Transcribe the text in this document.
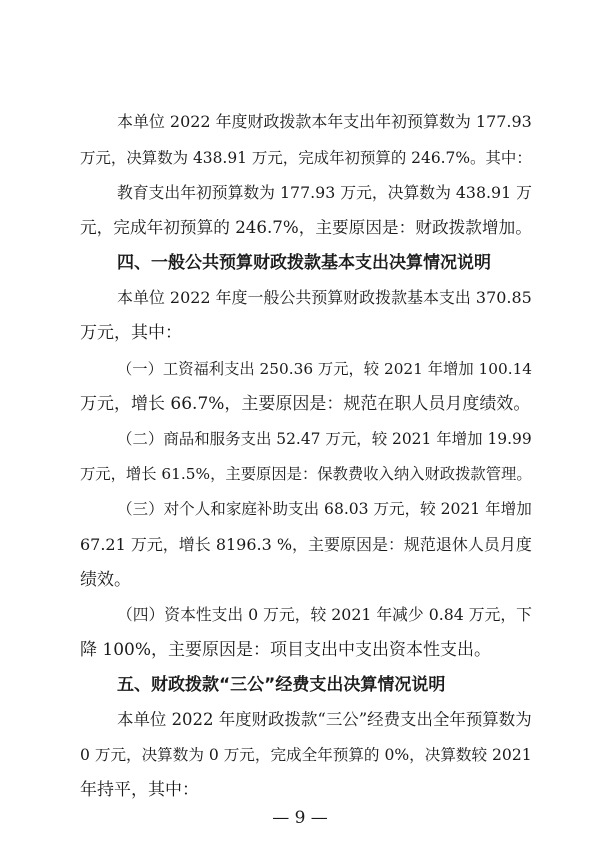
本单位 2022 年度财政拨款本年支出年初预算数为 177.93
万元，决算数为 438.91 万元，完成年初预算的 246.7%。其中：
教育支出年初预算数为 177.93 万元，决算数为 438.91 万
元，完成年初预算的 246.7%，主要原因是：财政拨款增加。
四、一般公共预算财政拨款基本支出决算情况说明
本单位 2022 年度一般公共预算财政拨款基本支出 370.85
万元，其中：
（一）工资福利支出 250.36 万元，较 2021 年增加 100.14
万元，增长 66.7%，主要原因是：规范在职人员月度绩效。
（二）商品和服务支出 52.47 万元，较 2021 年增加 19.99
万元，增长 61.5%，主要原因是：保教费收入纳入财政拨款管理。
（三）对个人和家庭补助支出 68.03 万元，较 2021 年增加
67.21 万元，增长 8196.3 %，主要原因是：规范退休人员月度
绩效。
（四）资本性支出 0 万元，较 2021 年减少 0.84 万元，下
降 100%，主要原因是：项目支出中支出资本性支出。
五、财政拨款“三公”经费支出决算情况说明
本单位 2022 年度财政拨款“三公”经费支出全年预算数为
0 万元，决算数为 0 万元，完成全年预算的 0%，决算数较 2021
年持平，其中：
— 9 —
